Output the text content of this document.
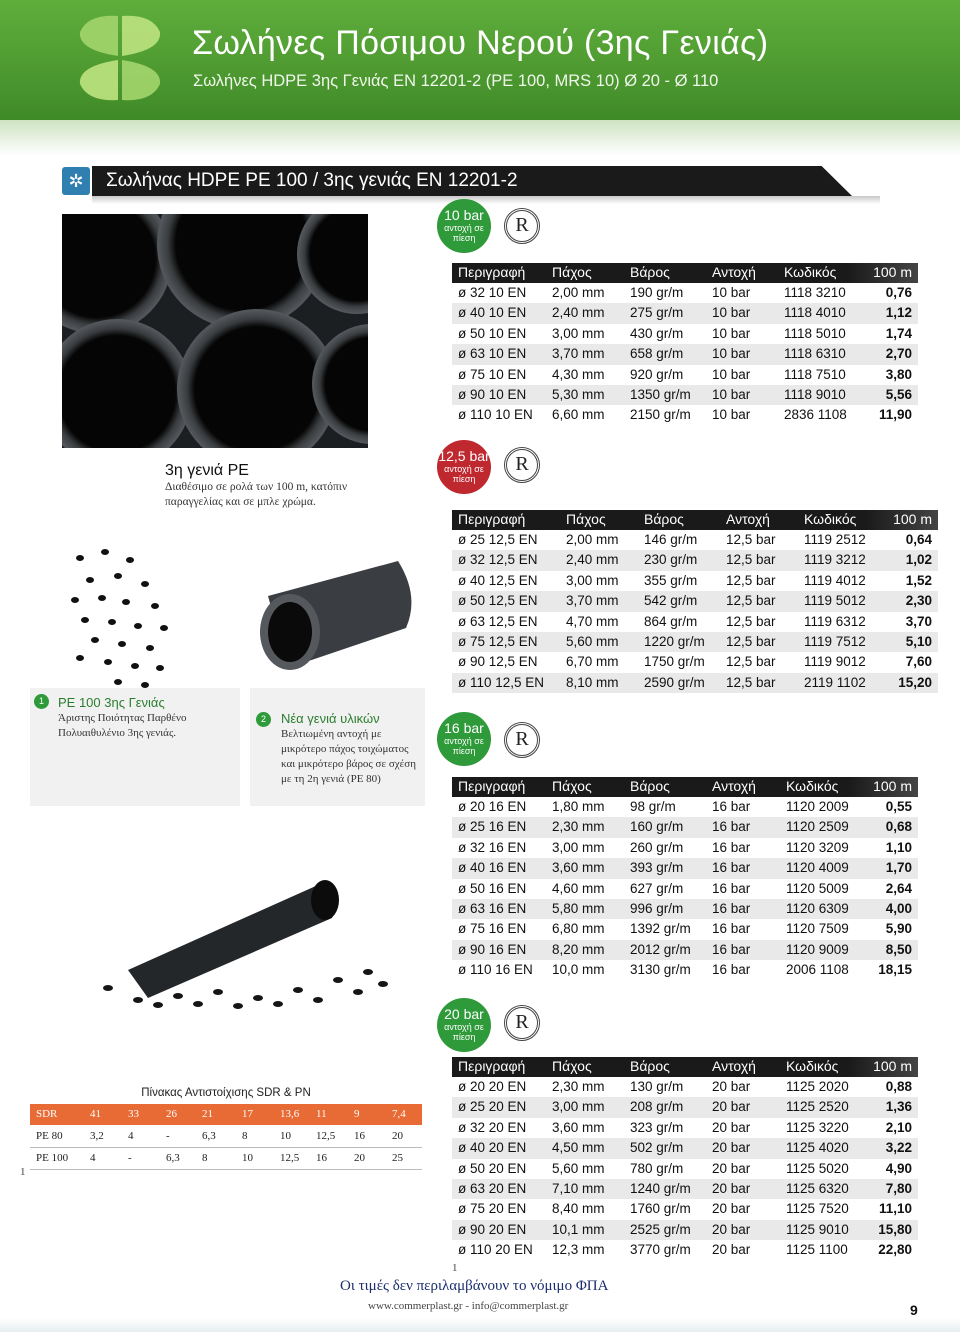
Σωλήνες Πόσιμου Νερού (3ης Γενιάς)
Σωλήνες HDPE 3ης Γενιάς EN 12201-2 (PE 100, MRS 10) Ø 20 - Ø 110
✲	Σωλήνας HDPE PE 100 / 3ης γενιάς EN 12201-2
3η γενιά PE
Διαθέσιμο σε ρολά των 100 m, κατόπιν παραγγελίας και σε μπλε χρώμα.
1	PE 100 3ης Γενιάς
Άριστης Ποιότητας Παρθένο Πολυαιθυλένιο 3ης γενιάς.
2	Νέα γενιά υλικών
Βελτιωμένη αντοχή με μικρότερο πάχος τοιχώματος και μικρότερο βάρος σε σχέση με τη 2η γενιά (PE 80)
10 bar
αντοχή σε πίεση
R
Περιγραφή Πάχος	Βάρος	Αντοχή Κωδικός	100 m
ø 32 10 EN 2,00 mm 190 gr/m 10 bar 1118 3210	0,76
ø 40 10 EN 2,40 mm 275 gr/m 10 bar 1118 4010	1,12
ø 50 10 EN 3,00 mm 430 gr/m 10 bar 1118 5010	1,74
ø 63 10 EN 3,70 mm 658 gr/m 10 bar 1118 6310	2,70
ø 75 10 EN 4,30 mm 920 gr/m 10 bar 1118 7510	3,80
ø 90 10 EN 5,30 mm 1350 gr/m 10 bar 1118 9010	5,56
ø 110 10 EN 6,60 mm 2150 gr/m 10 bar 2836 1108 11,90
12,5 bar
αντοχή σε πίεση
R
Περιγραφή	Πάχος	Βάρος	Αντοχή Κωδικός	100 m
ø 25 12,5 EN 2,00 mm 146 gr/m 12,5 bar 1119 2512	0,64
ø 32 12,5 EN 2,40 mm 230 gr/m 12,5 bar 1119 3212	1,02
ø 40 12,5 EN 3,00 mm 355 gr/m 12,5 bar 1119 4012	1,52
ø 50 12,5 EN 3,70 mm 542 gr/m 12,5 bar 1119 5012	2,30
ø 63 12,5 EN 4,70 mm 864 gr/m 12,5 bar 1119 6312	3,70
ø 75 12,5 EN 5,60 mm 1220 gr/m 12,5 bar 1119 7512	5,10
ø 90 12,5 EN 6,70 mm 1750 gr/m 12,5 bar 1119 9012	7,60
ø 110 12,5 EN 8,10 mm 2590 gr/m 12,5 bar 2119 1102 15,20
16 bar
αντοχή σε πίεση
R
Περιγραφή Πάχος	Βάρος	Αντοχή Κωδικός 100 m
ø 20 16 EN 1,80 mm 98 gr/m	16 bar	1120 2009	0,55
ø 25 16 EN 2,30 mm 160 gr/m 16 bar	1120 2509	0,68
ø 32 16 EN 3,00 mm 260 gr/m 16 bar	1120 3209	1,10
ø 40 16 EN 3,60 mm 393 gr/m 16 bar	1120 4009	1,70
ø 50 16 EN 4,60 mm 627 gr/m 16 bar	1120 5009	2,64
ø 63 16 EN 5,80 mm 996 gr/m 16 bar	1120 6309	4,00
ø 75 16 EN 6,80 mm 1392 gr/m 16 bar	1120 7509	5,90
ø 90 16 EN 8,20 mm 2012 gr/m 16 bar	1120 9009	8,50
ø 110 16 EN 10,0 mm 3130 gr/m 16 bar	2006 1108 18,15
20 bar
αντοχή σε πίεση
R
Περιγραφή Πάχος	Βάρος	Αντοχή Κωδικός 100 m
ø 20 20 EN 2,30 mm 130 gr/m 20 bar	1125 2020	0,88
ø 25 20 EN 3,00 mm 208 gr/m 20 bar	1125 2520	1,36
ø 32 20 EN 3,60 mm 323 gr/m 20 bar	1125 3220	2,10
ø 40 20 EN 4,50 mm 502 gr/m 20 bar	1125 4020	3,22
ø 50 20 EN 5,60 mm 780 gr/m 20 bar	1125 5020	4,90
ø 63 20 EN 7,10 mm 1240 gr/m 20 bar	1125 6320	7,80
ø 75 20 EN 8,40 mm 1760 gr/m 20 bar	1125 7520 11,10
ø 90 20 EN 10,1 mm 2525 gr/m 20 bar	1125 9010 15,80
ø 110 20 EN 12,3 mm 3770 gr/m 20 bar	1125 1100 22,80
Πίνακας Αντιστοίχισης SDR & PN
SDR	41 33 26 21	17 13,6 11 9	7,4
PE 80 3,2 4	-	6,3 8	10 12,5 16 20
PE 100 4	-	6,3 8	10 12,5 16 20 25
1
1
Οι τιμές δεν περιλαμβάνουν το νόμιμο ΦΠΑ
www.commerplast.gr - info@commerplast.gr	9
